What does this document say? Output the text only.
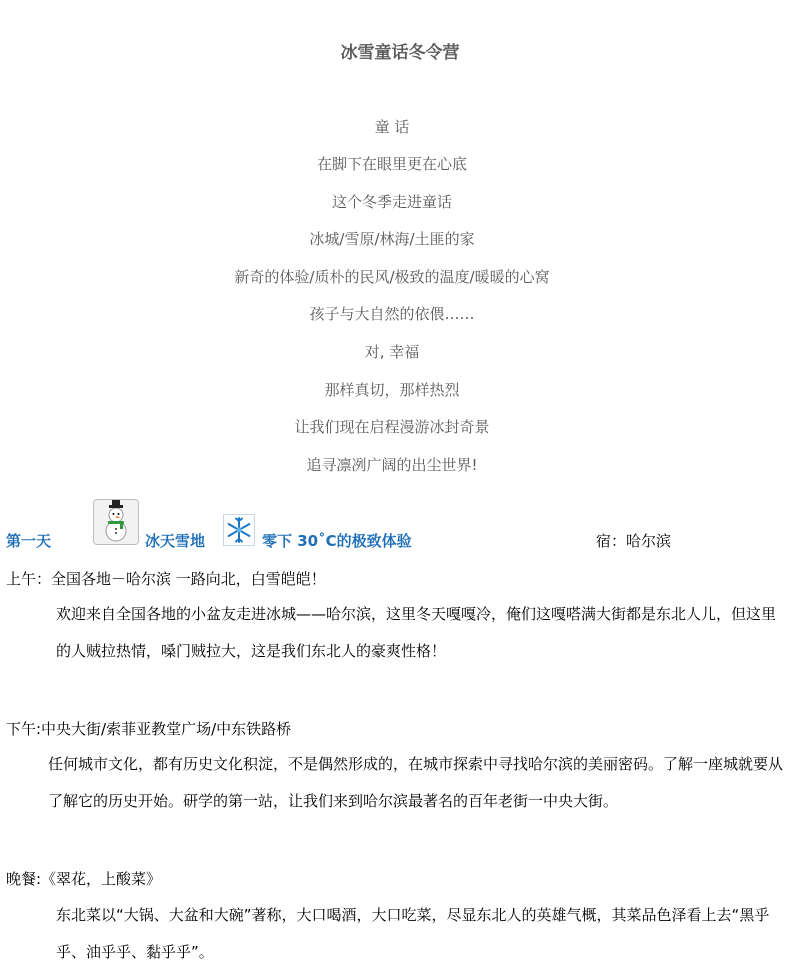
冰雪童话冬令营
童 话
在脚下在眼里更在心底
这个冬季走进童话
冰城/雪原/林海/土匪的家
新奇的体验/质朴的民风/极致的温度/暖暖的心窝
孩子与大自然的依偎……
对, 幸福
那样真切，那样热烈
让我们现在启程漫游冰封奇景
追寻凛冽广阔的出尘世界!
第一天	冰天雪地	零下 30˚C的极致体验	宿：哈尔滨
上午：全国各地－哈尔滨 一路向北，白雪皑皑！
欢迎来自全国各地的小盆友走进冰城——哈尔滨，这里冬天嘎嘎冷，俺们这嘎嗒满大街都是东北人儿，但这里的人贼拉热情，嗓门贼拉大，这是我们东北人的豪爽性格！
下午:中央大街/索菲亚教堂广场/中东铁路桥
任何城市文化，都有历史文化积淀，不是偶然形成的，在城市探索中寻找哈尔滨的美丽密码。了解一座城就要从了解它的历史开始。研学的第一站，让我们来到哈尔滨最著名的百年老街一中央大街。
晚餐:《翠花，上酸菜》
东北菜以“大锅、大盆和大碗”著称，大口喝酒，大口吃菜，尽显东北人的英雄气概，其菜品色泽看上去“黑乎乎、油乎乎、黏乎乎”。
